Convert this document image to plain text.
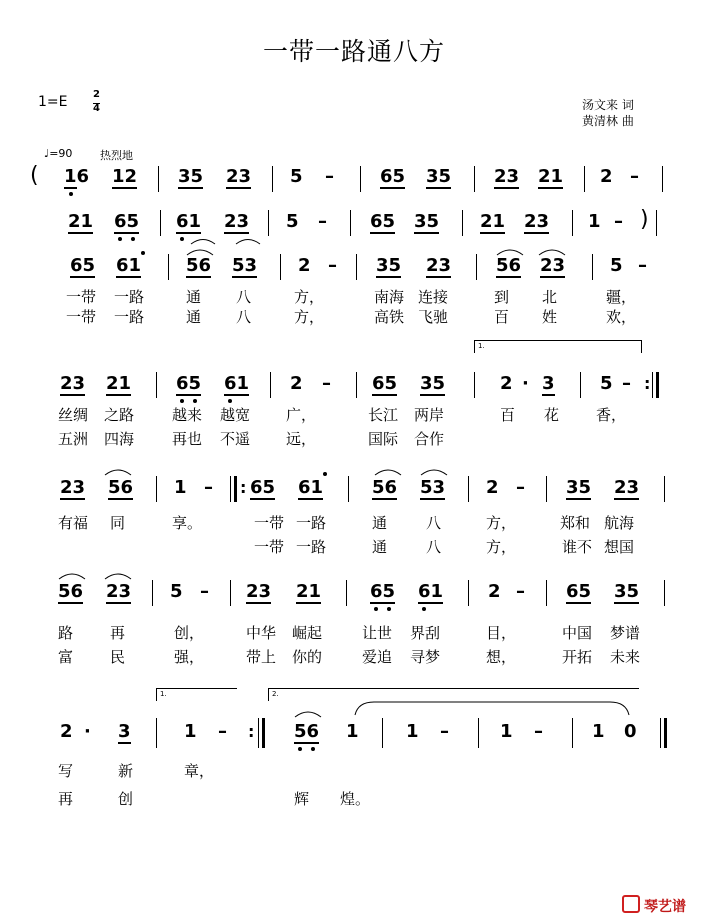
一带一路通八方
1=E	2
4	汤文来 词
黄清林 曲
♩=90	热烈地
( 16 12 35 23 5 –	65 35 23 21 2 –
21 65 61 23 5 – 65 35 21 23 1 – )
65 61 56 53 2 – 35 23 56 23 5 –
一带 一路	通 八	方，	南海 连接	到 北	疆，
一带 一路	通 八	方，	高铁 飞驰	百 姓	欢，
1.
23 21 65 61 2 – 65 35	2 · 3	5 – :
丝绸 之路	越来 越宽 广，	长江 两岸	百 花 香，
五洲 四海	再也 不遥 远，	国际 合作
23 56 1 – : 65 61	56 53 2 – 35 23
有福 同	享。	一带 一路	通	八	方，	郑和 航海
一带 一路	通	八	方，	谁不 想国
56 23 5 – 23 21	65 61 2 – 65 35
路 再	创，	中华 崛起	让世 界刮	目，	中国 梦谱
富 民	强，	带上 你的	爱追 寻梦	想，	开拓 未来
1.	2.
2 · 3	1 – : 56 1	1 –	1 –	1 0
写	新	章，
再	创	辉 煌。
琴艺谱
